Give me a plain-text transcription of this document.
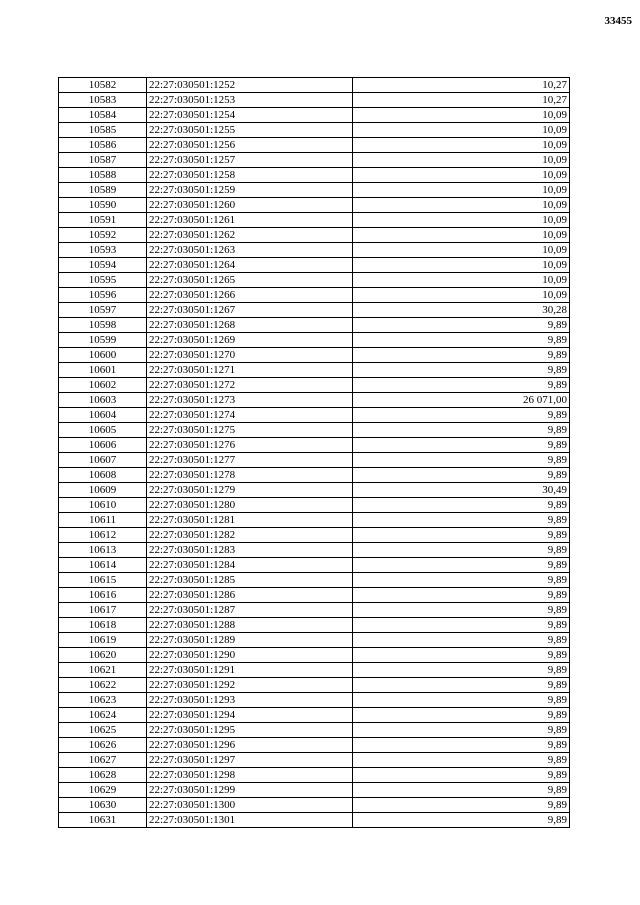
33455
10582	22:27:030501:1252	10,27
10583	22:27:030501:1253	10,27
10584	22:27:030501:1254	10,09
10585	22:27:030501:1255	10,09
10586	22:27:030501:1256	10,09
10587	22:27:030501:1257	10,09
10588	22:27:030501:1258	10,09
10589	22:27:030501:1259	10,09
10590	22:27:030501:1260	10,09
10591	22:27:030501:1261	10,09
10592	22:27:030501:1262	10,09
10593	22:27:030501:1263	10,09
10594	22:27:030501:1264	10,09
10595	22:27:030501:1265	10,09
10596	22:27:030501:1266	10,09
10597	22:27:030501:1267	30,28
10598	22:27:030501:1268	9,89
10599	22:27:030501:1269	9,89
10600	22:27:030501:1270	9,89
10601	22:27:030501:1271	9,89
10602	22:27:030501:1272	9,89
10603	22:27:030501:1273	26 071,00
10604	22:27:030501:1274	9,89
10605	22:27:030501:1275	9,89
10606	22:27:030501:1276	9,89
10607	22:27:030501:1277	9,89
10608	22:27:030501:1278	9,89
10609	22:27:030501:1279	30,49
10610	22:27:030501:1280	9,89
10611	22:27:030501:1281	9,89
10612	22:27:030501:1282	9,89
10613	22:27:030501:1283	9,89
10614	22:27:030501:1284	9,89
10615	22:27:030501:1285	9,89
10616	22:27:030501:1286	9,89
10617	22:27:030501:1287	9,89
10618	22:27:030501:1288	9,89
10619	22:27:030501:1289	9,89
10620	22:27:030501:1290	9,89
10621	22:27:030501:1291	9,89
10622	22:27:030501:1292	9,89
10623	22:27:030501:1293	9,89
10624	22:27:030501:1294	9,89
10625	22:27:030501:1295	9,89
10626	22:27:030501:1296	9,89
10627	22:27:030501:1297	9,89
10628	22:27:030501:1298	9,89
10629	22:27:030501:1299	9,89
10630	22:27:030501:1300	9,89
10631	22:27:030501:1301	9,89
